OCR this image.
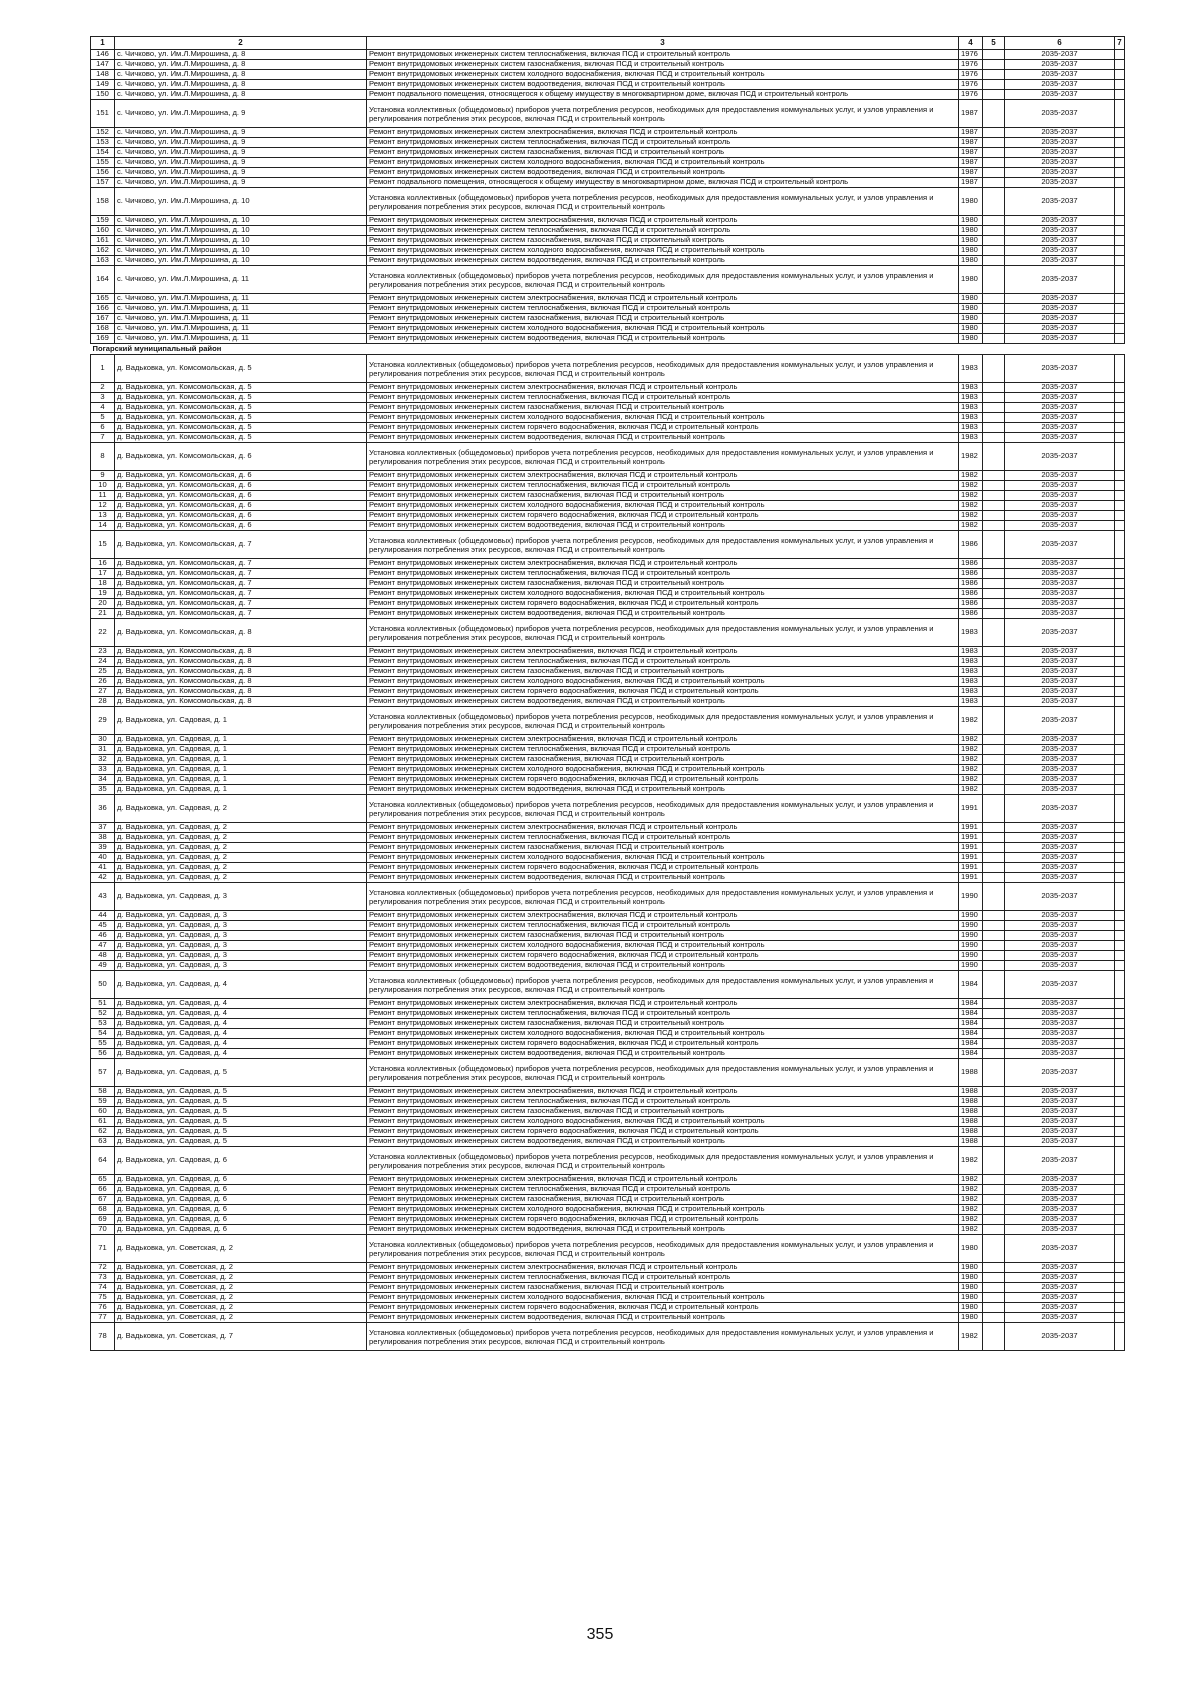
1	2	3	4	5	6	7
146	с. Чичково, ул. Им.Л.Мирошина, д. 8	Ремонт внутридомовых инженерных систем теплоснабжения, включая ПСД и строительный контроль	1976		2035-2037	
147	с. Чичково, ул. Им.Л.Мирошина, д. 8	Ремонт внутридомовых инженерных систем газоснабжения, включая ПСД и строительный контроль	1976		2035-2037	
148	с. Чичково, ул. Им.Л.Мирошина, д. 8	Ремонт внутридомовых инженерных систем холодного водоснабжения, включая ПСД и строительный контроль	1976		2035-2037	
149	с. Чичково, ул. Им.Л.Мирошина, д. 8	Ремонт внутридомовых инженерных систем водоотведения, включая ПСД и строительный контроль	1976		2035-2037	
150	с. Чичково, ул. Им.Л.Мирошина, д. 8	Ремонт подвального помещения, относящегося к общему имуществу в многоквартирном доме, включая ПСД и строительный контроль	1976		2035-2037	
151	с. Чичково, ул. Им.Л.Мирошина, д. 9	Установка коллективных (общедомовых) приборов учета потребления ресурсов, необходимых для предоставления коммунальных услуг, и узлов управления и регулирования потребления этих ресурсов, включая ПСД и строительный контроль	1987		2035-2037	
152	с. Чичково, ул. Им.Л.Мирошина, д. 9	Ремонт внутридомовых инженерных систем электроснабжения, включая ПСД и строительный контроль	1987		2035-2037	
153	с. Чичково, ул. Им.Л.Мирошина, д. 9	Ремонт внутридомовых инженерных систем теплоснабжения, включая ПСД и строительный контроль	1987		2035-2037	
154	с. Чичково, ул. Им.Л.Мирошина, д. 9	Ремонт внутридомовых инженерных систем газоснабжения, включая ПСД и строительный контроль	1987		2035-2037	
155	с. Чичково, ул. Им.Л.Мирошина, д. 9	Ремонт внутридомовых инженерных систем холодного водоснабжения, включая ПСД и строительный контроль	1987		2035-2037	
156	с. Чичково, ул. Им.Л.Мирошина, д. 9	Ремонт внутридомовых инженерных систем водоотведения, включая ПСД и строительный контроль	1987		2035-2037	
157	с. Чичково, ул. Им.Л.Мирошина, д. 9	Ремонт подвального помещения, относящегося к общему имуществу в многоквартирном доме, включая ПСД и строительный контроль	1987		2035-2037	
158	с. Чичково, ул. Им.Л.Мирошина, д. 10	Установка коллективных (общедомовых) приборов учета потребления ресурсов, необходимых для предоставления коммунальных услуг, и узлов управления и регулирования потребления этих ресурсов, включая ПСД и строительный контроль	1980		2035-2037	
159	с. Чичково, ул. Им.Л.Мирошина, д. 10	Ремонт внутридомовых инженерных систем электроснабжения, включая ПСД и строительный контроль	1980		2035-2037	
160	с. Чичково, ул. Им.Л.Мирошина, д. 10	Ремонт внутридомовых инженерных систем теплоснабжения, включая ПСД и строительный контроль	1980		2035-2037	
161	с. Чичково, ул. Им.Л.Мирошина, д. 10	Ремонт внутридомовых инженерных систем газоснабжения, включая ПСД и строительный контроль	1980		2035-2037	
162	с. Чичково, ул. Им.Л.Мирошина, д. 10	Ремонт внутридомовых инженерных систем холодного водоснабжения, включая ПСД и строительный контроль	1980		2035-2037	
163	с. Чичково, ул. Им.Л.Мирошина, д. 10	Ремонт внутридомовых инженерных систем водоотведения, включая ПСД и строительный контроль	1980		2035-2037	
164	с. Чичково, ул. Им.Л.Мирошина, д. 11	Установка коллективных (общедомовых) приборов учета потребления ресурсов, необходимых для предоставления коммунальных услуг, и узлов управления и регулирования потребления этих ресурсов, включая ПСД и строительный контроль	1980		2035-2037	
165	с. Чичково, ул. Им.Л.Мирошина, д. 11	Ремонт внутридомовых инженерных систем электроснабжения, включая ПСД и строительный контроль	1980		2035-2037	
166	с. Чичково, ул. Им.Л.Мирошина, д. 11	Ремонт внутридомовых инженерных систем теплоснабжения, включая ПСД и строительный контроль	1980		2035-2037	
167	с. Чичково, ул. Им.Л.Мирошина, д. 11	Ремонт внутридомовых инженерных систем газоснабжения, включая ПСД и строительный контроль	1980		2035-2037	
168	с. Чичково, ул. Им.Л.Мирошина, д. 11	Ремонт внутридомовых инженерных систем холодного водоснабжения, включая ПСД и строительный контроль	1980		2035-2037	
169	с. Чичково, ул. Им.Л.Мирошина, д. 11	Ремонт внутридомовых инженерных систем водоотведения, включая ПСД и строительный контроль	1980		2035-2037	
Погарский муниципальный район						
1	д. Вадьковка, ул. Комсомольская, д. 5	Установка коллективных (общедомовых) приборов учета потребления ресурсов, необходимых для предоставления коммунальных услуг, и узлов управления и регулирования потребления этих ресурсов, включая ПСД и строительный контроль	1983		2035-2037	
2	д. Вадьковка, ул. Комсомольская, д. 5	Ремонт внутридомовых инженерных систем электроснабжения, включая ПСД и строительный контроль	1983		2035-2037	
3	д. Вадьковка, ул. Комсомольская, д. 5	Ремонт внутридомовых инженерных систем теплоснабжения, включая ПСД и строительный контроль	1983		2035-2037	
4	д. Вадьковка, ул. Комсомольская, д. 5	Ремонт внутридомовых инженерных систем газоснабжения, включая ПСД и строительный контроль	1983		2035-2037	
5	д. Вадьковка, ул. Комсомольская, д. 5	Ремонт внутридомовых инженерных систем холодного водоснабжения, включая ПСД и строительный контроль	1983		2035-2037	
6	д. Вадьковка, ул. Комсомольская, д. 5	Ремонт внутридомовых инженерных систем горячего водоснабжения, включая ПСД и строительный контроль	1983		2035-2037	
7	д. Вадьковка, ул. Комсомольская, д. 5	Ремонт внутридомовых инженерных систем водоотведения, включая ПСД и строительный контроль	1983		2035-2037	
8	д. Вадьковка, ул. Комсомольская, д. 6	Установка коллективных (общедомовых) приборов учета потребления ресурсов, необходимых для предоставления коммунальных услуг, и узлов управления и регулирования потребления этих ресурсов, включая ПСД и строительный контроль	1982		2035-2037	
9	д. Вадьковка, ул. Комсомольская, д. 6	Ремонт внутридомовых инженерных систем электроснабжения, включая ПСД и строительный контроль	1982		2035-2037	
10	д. Вадьковка, ул. Комсомольская, д. 6	Ремонт внутридомовых инженерных систем теплоснабжения, включая ПСД и строительный контроль	1982		2035-2037	
11	д. Вадьковка, ул. Комсомольская, д. 6	Ремонт внутридомовых инженерных систем газоснабжения, включая ПСД и строительный контроль	1982		2035-2037	
12	д. Вадьковка, ул. Комсомольская, д. 6	Ремонт внутридомовых инженерных систем холодного водоснабжения, включая ПСД и строительный контроль	1982		2035-2037	
13	д. Вадьковка, ул. Комсомольская, д. 6	Ремонт внутридомовых инженерных систем горячего водоснабжения, включая ПСД и строительный контроль	1982		2035-2037	
14	д. Вадьковка, ул. Комсомольская, д. 6	Ремонт внутридомовых инженерных систем водоотведения, включая ПСД и строительный контроль	1982		2035-2037	
15	д. Вадьковка, ул. Комсомольская, д. 7	Установка коллективных (общедомовых) приборов учета потребления ресурсов, необходимых для предоставления коммунальных услуг, и узлов управления и регулирования потребления этих ресурсов, включая ПСД и строительный контроль	1986		2035-2037	
16	д. Вадьковка, ул. Комсомольская, д. 7	Ремонт внутридомовых инженерных систем электроснабжения, включая ПСД и строительный контроль	1986		2035-2037	
17	д. Вадьковка, ул. Комсомольская, д. 7	Ремонт внутридомовых инженерных систем теплоснабжения, включая ПСД и строительный контроль	1986		2035-2037	
18	д. Вадьковка, ул. Комсомольская, д. 7	Ремонт внутридомовых инженерных систем газоснабжения, включая ПСД и строительный контроль	1986		2035-2037	
19	д. Вадьковка, ул. Комсомольская, д. 7	Ремонт внутридомовых инженерных систем холодного водоснабжения, включая ПСД и строительный контроль	1986		2035-2037	
20	д. Вадьковка, ул. Комсомольская, д. 7	Ремонт внутридомовых инженерных систем горячего водоснабжения, включая ПСД и строительный контроль	1986		2035-2037	
21	д. Вадьковка, ул. Комсомольская, д. 7	Ремонт внутридомовых инженерных систем водоотведения, включая ПСД и строительный контроль	1986		2035-2037	
22	д. Вадьковка, ул. Комсомольская, д. 8	Установка коллективных (общедомовых) приборов учета потребления ресурсов, необходимых для предоставления коммунальных услуг, и узлов управления и регулирования потребления этих ресурсов, включая ПСД и строительный контроль	1983		2035-2037	
23	д. Вадьковка, ул. Комсомольская, д. 8	Ремонт внутридомовых инженерных систем электроснабжения, включая ПСД и строительный контроль	1983		2035-2037	
24	д. Вадьковка, ул. Комсомольская, д. 8	Ремонт внутридомовых инженерных систем теплоснабжения, включая ПСД и строительный контроль	1983		2035-2037	
25	д. Вадьковка, ул. Комсомольская, д. 8	Ремонт внутридомовых инженерных систем газоснабжения, включая ПСД и строительный контроль	1983		2035-2037	
26	д. Вадьковка, ул. Комсомольская, д. 8	Ремонт внутридомовых инженерных систем холодного водоснабжения, включая ПСД и строительный контроль	1983		2035-2037	
27	д. Вадьковка, ул. Комсомольская, д. 8	Ремонт внутридомовых инженерных систем горячего водоснабжения, включая ПСД и строительный контроль	1983		2035-2037	
28	д. Вадьковка, ул. Комсомольская, д. 8	Ремонт внутридомовых инженерных систем водоотведения, включая ПСД и строительный контроль	1983		2035-2037	
29	д. Вадьковка, ул. Садовая, д. 1	Установка коллективных (общедомовых) приборов учета потребления ресурсов, необходимых для предоставления коммунальных услуг, и узлов управления и регулирования потребления этих ресурсов, включая ПСД и строительный контроль	1982		2035-2037	
30	д. Вадьковка, ул. Садовая, д. 1	Ремонт внутридомовых инженерных систем электроснабжения, включая ПСД и строительный контроль	1982		2035-2037	
31	д. Вадьковка, ул. Садовая, д. 1	Ремонт внутридомовых инженерных систем теплоснабжения, включая ПСД и строительный контроль	1982		2035-2037	
32	д. Вадьковка, ул. Садовая, д. 1	Ремонт внутридомовых инженерных систем газоснабжения, включая ПСД и строительный контроль	1982		2035-2037	
33	д. Вадьковка, ул. Садовая, д. 1	Ремонт внутридомовых инженерных систем холодного водоснабжения, включая ПСД и строительный контроль	1982		2035-2037	
34	д. Вадьковка, ул. Садовая, д. 1	Ремонт внутридомовых инженерных систем горячего водоснабжения, включая ПСД и строительный контроль	1982		2035-2037	
35	д. Вадьковка, ул. Садовая, д. 1	Ремонт внутридомовых инженерных систем водоотведения, включая ПСД и строительный контроль	1982		2035-2037	
36	д. Вадьковка, ул. Садовая, д. 2	Установка коллективных (общедомовых) приборов учета потребления ресурсов, необходимых для предоставления коммунальных услуг, и узлов управления и регулирования потребления этих ресурсов, включая ПСД и строительный контроль	1991		2035-2037	
37	д. Вадьковка, ул. Садовая, д. 2	Ремонт внутридомовых инженерных систем электроснабжения, включая ПСД и строительный контроль	1991		2035-2037	
38	д. Вадьковка, ул. Садовая, д. 2	Ремонт внутридомовых инженерных систем теплоснабжения, включая ПСД и строительный контроль	1991		2035-2037	
39	д. Вадьковка, ул. Садовая, д. 2	Ремонт внутридомовых инженерных систем газоснабжения, включая ПСД и строительный контроль	1991		2035-2037	
40	д. Вадьковка, ул. Садовая, д. 2	Ремонт внутридомовых инженерных систем холодного водоснабжения, включая ПСД и строительный контроль	1991		2035-2037	
41	д. Вадьковка, ул. Садовая, д. 2	Ремонт внутридомовых инженерных систем горячего водоснабжения, включая ПСД и строительный контроль	1991		2035-2037	
42	д. Вадьковка, ул. Садовая, д. 2	Ремонт внутридомовых инженерных систем водоотведения, включая ПСД и строительный контроль	1991		2035-2037	
43	д. Вадьковка, ул. Садовая, д. 3	Установка коллективных (общедомовых) приборов учета потребления ресурсов, необходимых для предоставления коммунальных услуг, и узлов управления и регулирования потребления этих ресурсов, включая ПСД и строительный контроль	1990		2035-2037	
44	д. Вадьковка, ул. Садовая, д. 3	Ремонт внутридомовых инженерных систем электроснабжения, включая ПСД и строительный контроль	1990		2035-2037	
45	д. Вадьковка, ул. Садовая, д. 3	Ремонт внутридомовых инженерных систем теплоснабжения, включая ПСД и строительный контроль	1990		2035-2037	
46	д. Вадьковка, ул. Садовая, д. 3	Ремонт внутридомовых инженерных систем газоснабжения, включая ПСД и строительный контроль	1990		2035-2037	
47	д. Вадьковка, ул. Садовая, д. 3	Ремонт внутридомовых инженерных систем холодного водоснабжения, включая ПСД и строительный контроль	1990		2035-2037	
48	д. Вадьковка, ул. Садовая, д. 3	Ремонт внутридомовых инженерных систем горячего водоснабжения, включая ПСД и строительный контроль	1990		2035-2037	
49	д. Вадьковка, ул. Садовая, д. 3	Ремонт внутридомовых инженерных систем водоотведения, включая ПСД и строительный контроль	1990		2035-2037	
50	д. Вадьковка, ул. Садовая, д. 4	Установка коллективных (общедомовых) приборов учета потребления ресурсов, необходимых для предоставления коммунальных услуг, и узлов управления и регулирования потребления этих ресурсов, включая ПСД и строительный контроль	1984		2035-2037	
51	д. Вадьковка, ул. Садовая, д. 4	Ремонт внутридомовых инженерных систем электроснабжения, включая ПСД и строительный контроль	1984		2035-2037	
52	д. Вадьковка, ул. Садовая, д. 4	Ремонт внутридомовых инженерных систем теплоснабжения, включая ПСД и строительный контроль	1984		2035-2037	
53	д. Вадьковка, ул. Садовая, д. 4	Ремонт внутридомовых инженерных систем газоснабжения, включая ПСД и строительный контроль	1984		2035-2037	
54	д. Вадьковка, ул. Садовая, д. 4	Ремонт внутридомовых инженерных систем холодного водоснабжения, включая ПСД и строительный контроль	1984		2035-2037	
55	д. Вадьковка, ул. Садовая, д. 4	Ремонт внутридомовых инженерных систем горячего водоснабжения, включая ПСД и строительный контроль	1984		2035-2037	
56	д. Вадьковка, ул. Садовая, д. 4	Ремонт внутридомовых инженерных систем водоотведения, включая ПСД и строительный контроль	1984		2035-2037	
57	д. Вадьковка, ул. Садовая, д. 5	Установка коллективных (общедомовых) приборов учета потребления ресурсов, необходимых для предоставления коммунальных услуг, и узлов управления и регулирования потребления этих ресурсов, включая ПСД и строительный контроль	1988		2035-2037	
58	д. Вадьковка, ул. Садовая, д. 5	Ремонт внутридомовых инженерных систем электроснабжения, включая ПСД и строительный контроль	1988		2035-2037	
59	д. Вадьковка, ул. Садовая, д. 5	Ремонт внутридомовых инженерных систем теплоснабжения, включая ПСД и строительный контроль	1988		2035-2037	
60	д. Вадьковка, ул. Садовая, д. 5	Ремонт внутридомовых инженерных систем газоснабжения, включая ПСД и строительный контроль	1988		2035-2037	
61	д. Вадьковка, ул. Садовая, д. 5	Ремонт внутридомовых инженерных систем холодного водоснабжения, включая ПСД и строительный контроль	1988		2035-2037	
62	д. Вадьковка, ул. Садовая, д. 5	Ремонт внутридомовых инженерных систем горячего водоснабжения, включая ПСД и строительный контроль	1988		2035-2037	
63	д. Вадьковка, ул. Садовая, д. 5	Ремонт внутридомовых инженерных систем водоотведения, включая ПСД и строительный контроль	1988		2035-2037	
64	д. Вадьковка, ул. Садовая, д. 6	Установка коллективных (общедомовых) приборов учета потребления ресурсов, необходимых для предоставления коммунальных услуг, и узлов управления и регулирования потребления этих ресурсов, включая ПСД и строительный контроль	1982		2035-2037	
65	д. Вадьковка, ул. Садовая, д. 6	Ремонт внутридомовых инженерных систем электроснабжения, включая ПСД и строительный контроль	1982		2035-2037	
66	д. Вадьковка, ул. Садовая, д. 6	Ремонт внутридомовых инженерных систем теплоснабжения, включая ПСД и строительный контроль	1982		2035-2037	
67	д. Вадьковка, ул. Садовая, д. 6	Ремонт внутридомовых инженерных систем газоснабжения, включая ПСД и строительный контроль	1982		2035-2037	
68	д. Вадьковка, ул. Садовая, д. 6	Ремонт внутридомовых инженерных систем холодного водоснабжения, включая ПСД и строительный контроль	1982		2035-2037	
69	д. Вадьковка, ул. Садовая, д. 6	Ремонт внутридомовых инженерных систем горячего водоснабжения, включая ПСД и строительный контроль	1982		2035-2037	
70	д. Вадьковка, ул. Садовая, д. 6	Ремонт внутридомовых инженерных систем водоотведения, включая ПСД и строительный контроль	1982		2035-2037	
71	д. Вадьковка, ул. Советская, д. 2	Установка коллективных (общедомовых) приборов учета потребления ресурсов, необходимых для предоставления коммунальных услуг, и узлов управления и регулирования потребления этих ресурсов, включая ПСД и строительный контроль	1980		2035-2037	
72	д. Вадьковка, ул. Советская, д. 2	Ремонт внутридомовых инженерных систем электроснабжения, включая ПСД и строительный контроль	1980		2035-2037	
73	д. Вадьковка, ул. Советская, д. 2	Ремонт внутридомовых инженерных систем теплоснабжения, включая ПСД и строительный контроль	1980		2035-2037	
74	д. Вадьковка, ул. Советская, д. 2	Ремонт внутридомовых инженерных систем газоснабжения, включая ПСД и строительный контроль	1980		2035-2037	
75	д. Вадьковка, ул. Советская, д. 2	Ремонт внутридомовых инженерных систем холодного водоснабжения, включая ПСД и строительный контроль	1980		2035-2037	
76	д. Вадьковка, ул. Советская, д. 2	Ремонт внутридомовых инженерных систем горячего водоснабжения, включая ПСД и строительный контроль	1980		2035-2037	
77	д. Вадьковка, ул. Советская, д. 2	Ремонт внутридомовых инженерных систем водоотведения, включая ПСД и строительный контроль	1980		2035-2037	
78	д. Вадьковка, ул. Советская, д. 7	Установка коллективных (общедомовых) приборов учета потребления ресурсов, необходимых для предоставления коммунальных услуг, и узлов управления и регулирования потребления этих ресурсов, включая ПСД и строительный контроль	1982		2035-2037	
355
